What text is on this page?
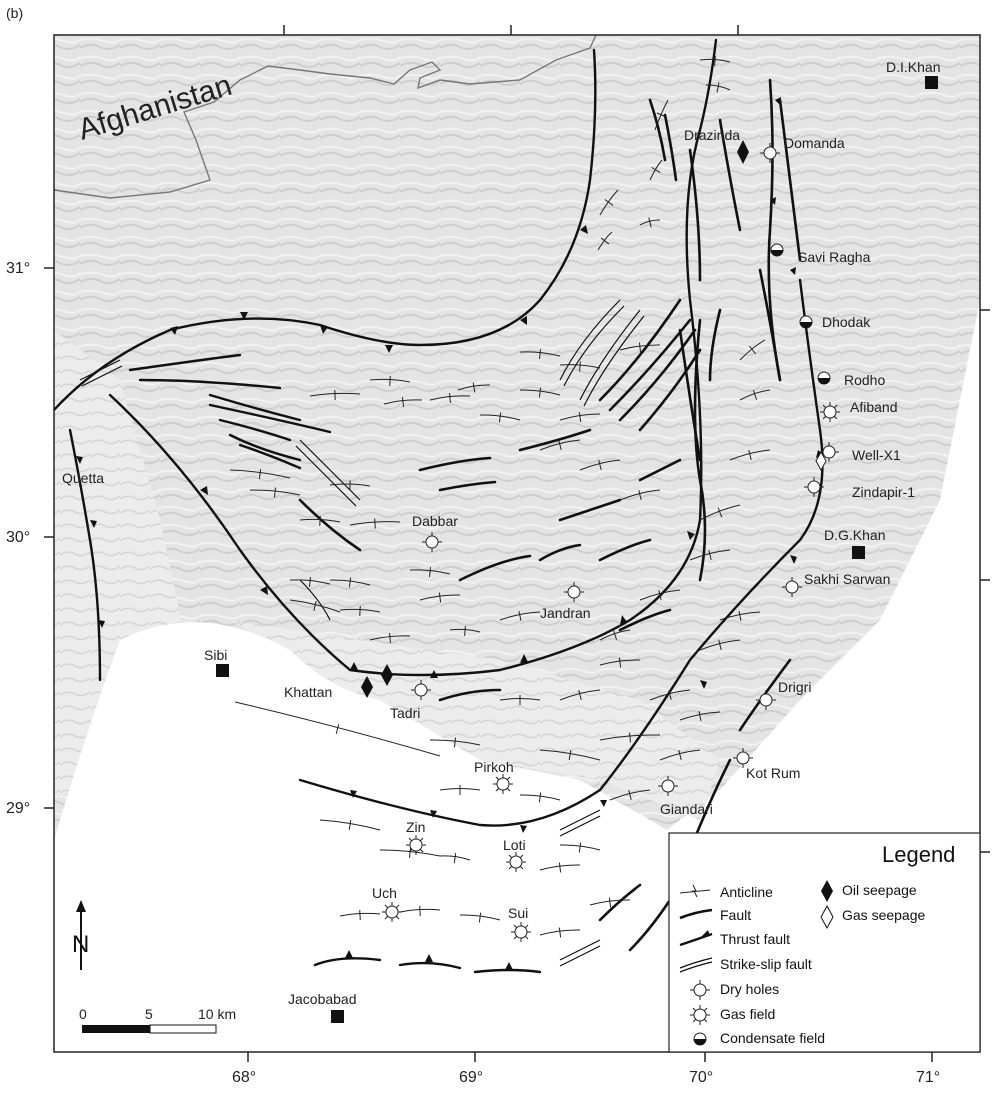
(b)
31°
30°
29°
68°	69°	70°	71°
Afghanistan
D.I.Khan
Quetta
Sibi
D.G.Khan
Jacobabad
Drazinda	Domanda
Savi Ragha
Dhodak
Rodho
Afiband
Well-X1
Zindapir-1
Dabbar
Sakhi Sarwan
Jandran
Khattan
Tadri
Drigri
Pirkoh	Kot Rum
Giandari
Zin
Loti
Uch
Sui
N
0	5	10 km
Legend
Anticline
Fault
Thrust fault
Strike-slip fault
Dry holes
Gas field
Condensate field
Oil seepage
Gas seepage
